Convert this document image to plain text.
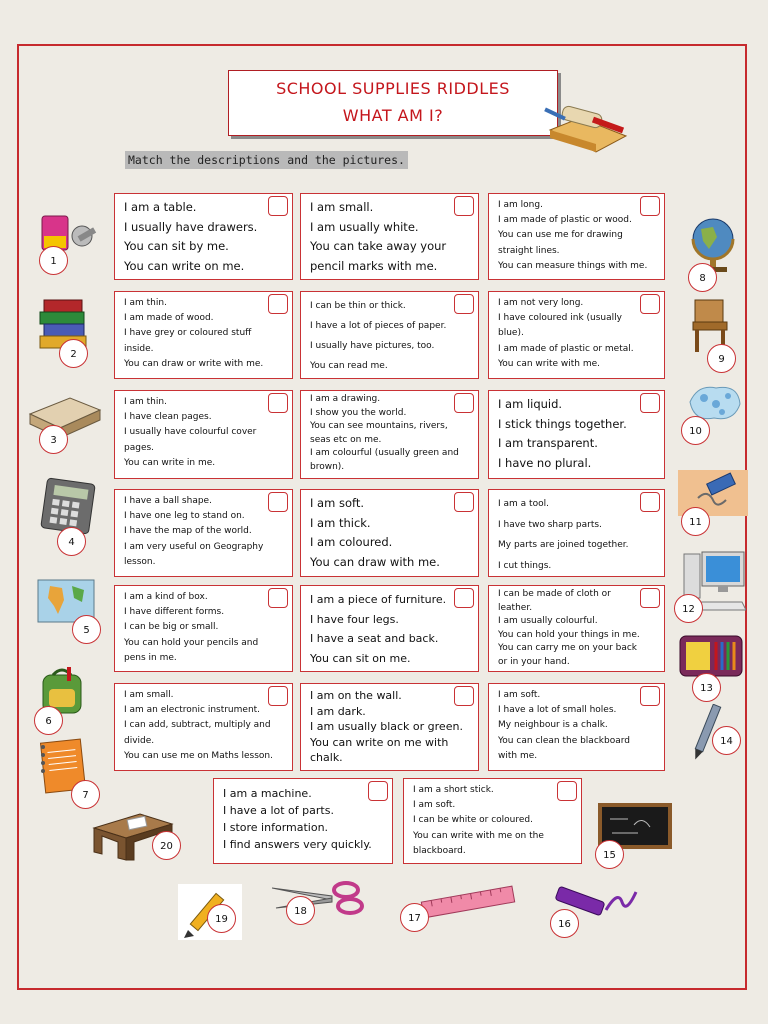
SCHOOL SUPPLIES RIDDLES
WHAT AM I?
Match the descriptions and the pictures.

I am a table.

I usually have drawers.

You can sit by me.

You can write on me.

I am small.

I am usually white.

You can take away your

pencil marks with me.

I am long.

I am made of plastic or wood.

You can use me for drawing

straight lines.

You can measure things with me.

I am thin.

I am made of wood.

I have grey or coloured stuff

inside.

You can draw or write with me.

I can be thin or thick.

I have a lot of pieces of paper.

I usually have pictures, too.

You can read me.

I am not very long.

I have coloured ink (usually

blue).

I am made of plastic or metal.

You can write with me.

I am thin.

I have clean pages.

I usually have colourful cover

pages.

You can write in me.

I am a drawing.

I show you the world.

You can see mountains, rivers,

seas etc on me.

I am colourful (usually green and

brown).

I am liquid.

I stick things together.

I am transparent.

I have no plural.

I have a ball shape.

I have one leg to stand on.

I have the map of the world.

I am very useful on Geography

lesson.

I am soft.

I am thick.

I am coloured.

You can draw with me.

I am a tool.

I have two sharp parts.

My parts are joined together.

I cut things.

I am a kind of box.

I have different forms.

I can be big or small.

You can hold your pencils and

pens in me.

I am a piece of furniture.

I have four legs.

I have a seat and back.

You can sit on me.

I can be made of cloth or

leather.

I am usually colourful.

You can hold your things in me.

You can carry me on your back

or in your hand.

I am small.

I am an electronic instrument.

I can add, subtract, multiply and

divide.

You can use me on Maths lesson.

I am on the wall.

I am dark.

I am usually black or green.

You can write on me with

chalk.

I am soft.

I have a lot of small holes.

My neighbour is a chalk.

You can clean the blackboard

with me.

I am a machine.

I have a lot of parts.

I store information.

I find answers very quickly.

I am a short stick.

I am soft.

I can be white or coloured.

You can write with me on the

blackboard.

1
2
3
4
5
6
7
20
8
9
10
11
12
13
14
15
19
18
17
16
